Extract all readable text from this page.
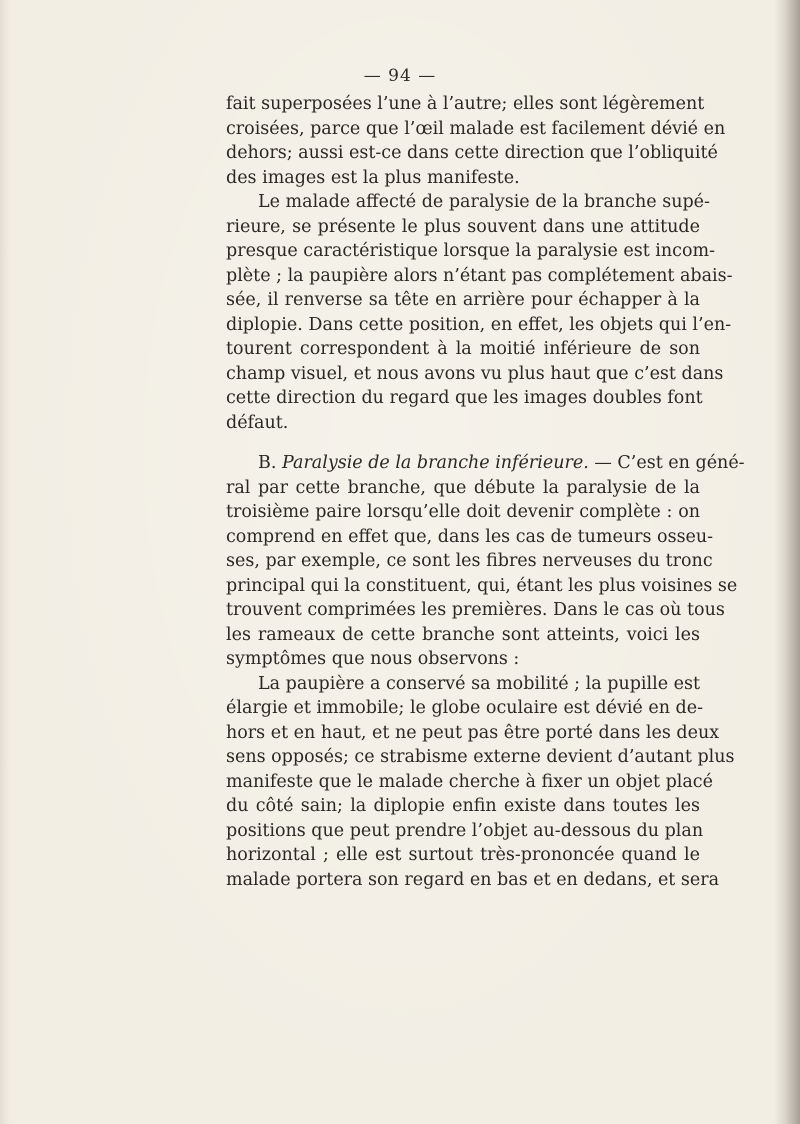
— 94 —
fait superposées l’une à l’autre; elles sont légèrement
croisées, parce que l’œil malade est facilement dévié en
dehors; aussi est-ce dans cette direction que l’obliquité
des images est la plus manifeste.
Le malade affecté de paralysie de la branche supé-
rieure, se présente le plus souvent dans une attitude
presque caractéristique lorsque la paralysie est incom-
plète ; la paupière alors n’étant pas complétement abais-
sée, il renverse sa tête en arrière pour échapper à la
diplopie. Dans cette position, en effet, les objets qui l’en-
tourent correspondent à la moitié inférieure de son
champ visuel, et nous avons vu plus haut que c’est dans
cette direction du regard que les images doubles font
défaut.
B. Paralysie de la branche inférieure. — C’est en géné-
ral par cette branche, que débute la paralysie de la
troisième paire lorsqu’elle doit devenir complète : on
comprend en effet que, dans les cas de tumeurs osseu-
ses, par exemple, ce sont les fibres nerveuses du tronc
principal qui la constituent, qui, étant les plus voisines se
trouvent comprimées les premières. Dans le cas où tous
les rameaux de cette branche sont atteints, voici les
symptômes que nous observons :
La paupière a conservé sa mobilité ; la pupille est
élargie et immobile; le globe oculaire est dévié en de-
hors et en haut, et ne peut pas être porté dans les deux
sens opposés; ce strabisme externe devient d’autant plus
manifeste que le malade cherche à fixer un objet placé
du côté sain; la diplopie enfin existe dans toutes les
positions que peut prendre l’objet au-dessous du plan
horizontal ; elle est surtout très-prononcée quand le
malade portera son regard en bas et en dedans, et sera
